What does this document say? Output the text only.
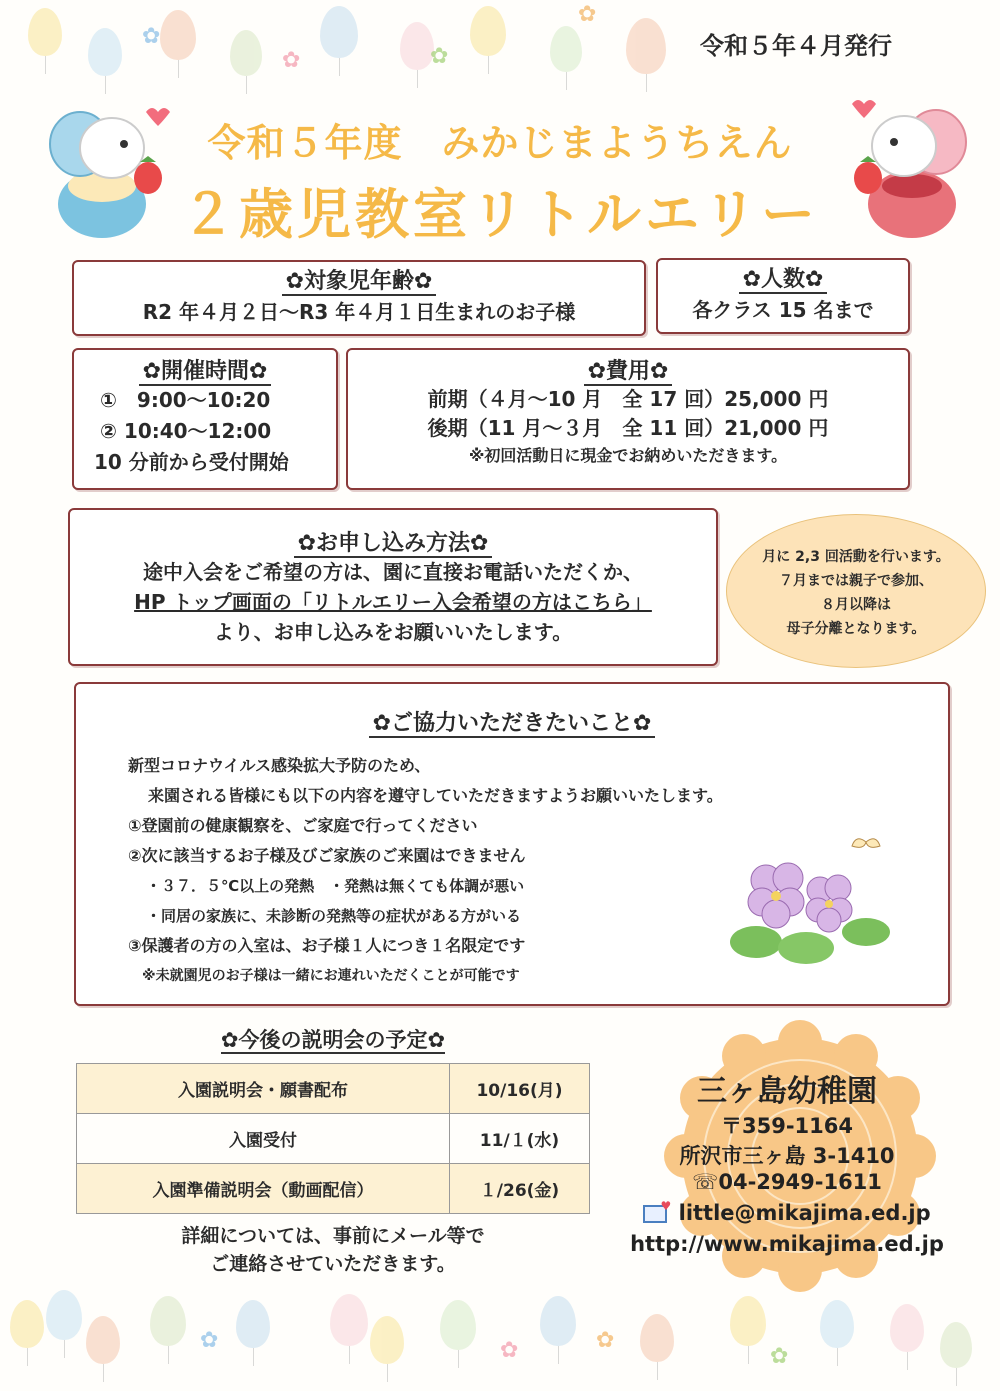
✿
✿	✿
✿
✿	✿	✿
✿
令和５年４月発行
令和５年度　みかじまようちえん
２歳児教室リトルエリー
✿対象児年齢✿
R2 年４月２日～R3 年４月１日生まれのお子様
✿人数✿
各クラス 15 名まで
✿開催時間✿
①　9:00～10:20
② 10:40～12:00
10 分前から受付開始
✿費用✿
前期（４月～10 月　全 17 回）25,000 円
後期（11 月～３月　全 11 回）21,000 円
※初回活動日に現金でお納めいただきます。
✿お申し込み方法✿
途中入会をご希望の方は、園に直接お電話いただくか、
HP トップ画面の「リトルエリー入会希望の方はこちら」
より、お申し込みをお願いいたします。
月に 2,3 回活動を行います。
７月までは親子で参加、
８月以降は
母子分離となります。
✿ご協力いただきたいこと✿
新型コロナウイルス感染拡大予防のため、
来園される皆様にも以下の内容を遵守していただきますようお願いいたします。
①登園前の健康観察を、ご家庭で行ってください
②次に該当するお子様及びご家族のご来園はできません
・３７．５℃以上の発熱　・発熱は無くても体調が悪い
・同居の家族に、未診断の発熱等の症状がある方がいる
③保護者の方の入室は、お子様１人につき１名限定です
※未就園児のお子様は一緒にお連れいただくことが可能です
✿今後の説明会の予定✿
入園説明会・願書配布	10/16(月)
入園受付	11/１(水)
入園準備説明会（動画配信）	１/26(金)
詳細については、事前にメール等で
ご連絡させていただきます。
三ヶ島幼稚園
〒359-1164
所沢市三ヶ島 3-1410
☏04-2949-1611
♥ little@mikajima.ed.jp
http://www.mikajima.ed.jp
